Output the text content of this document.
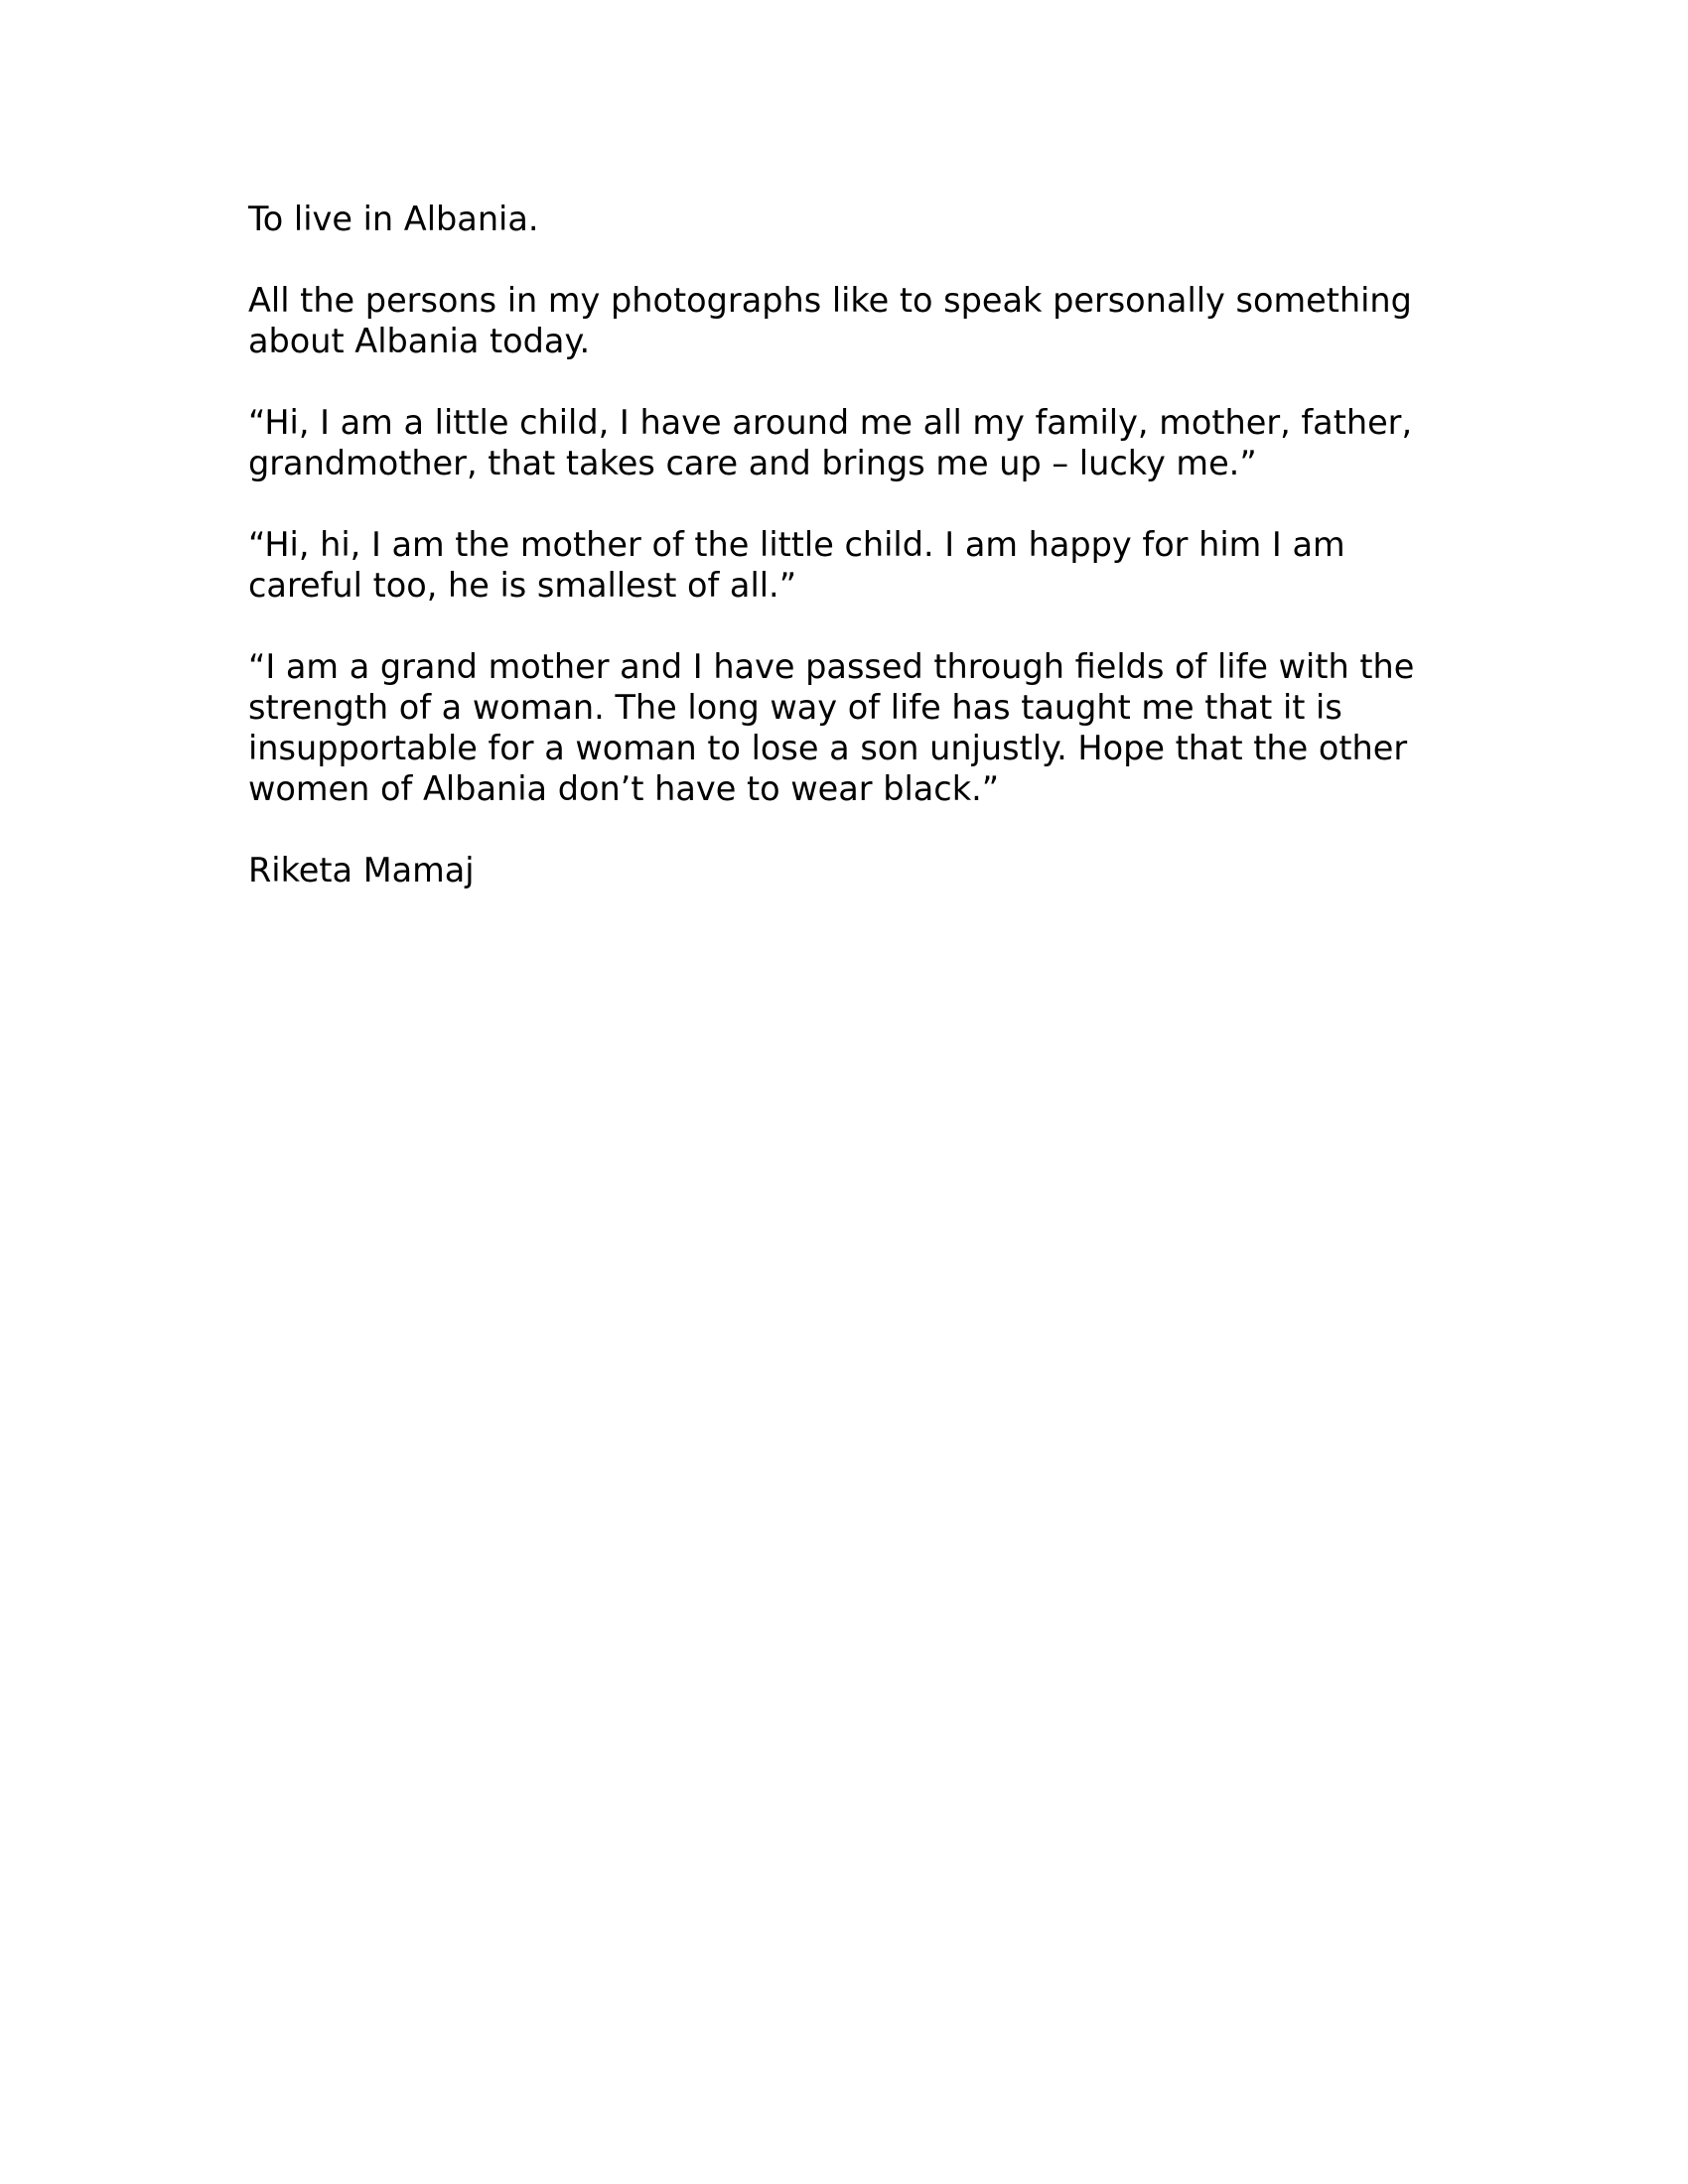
To live in Albania.
All the persons in my photographs like to speak personally something
about Albania today.
“Hi, I am a little child, I have around me all my family, mother, father,
grandmother, that takes care and brings me up – lucky me.”
“Hi, hi, I am the mother of the little child. I am happy for him I am
careful too, he is smallest of all.”
“I am a grand mother and I have passed through fields of life with the
strength of a woman. The long way of life has taught me that it is
insupportable for a woman to lose a son unjustly. Hope that the other
women of Albania don’t have to wear black.”
Riketa Mamaj
